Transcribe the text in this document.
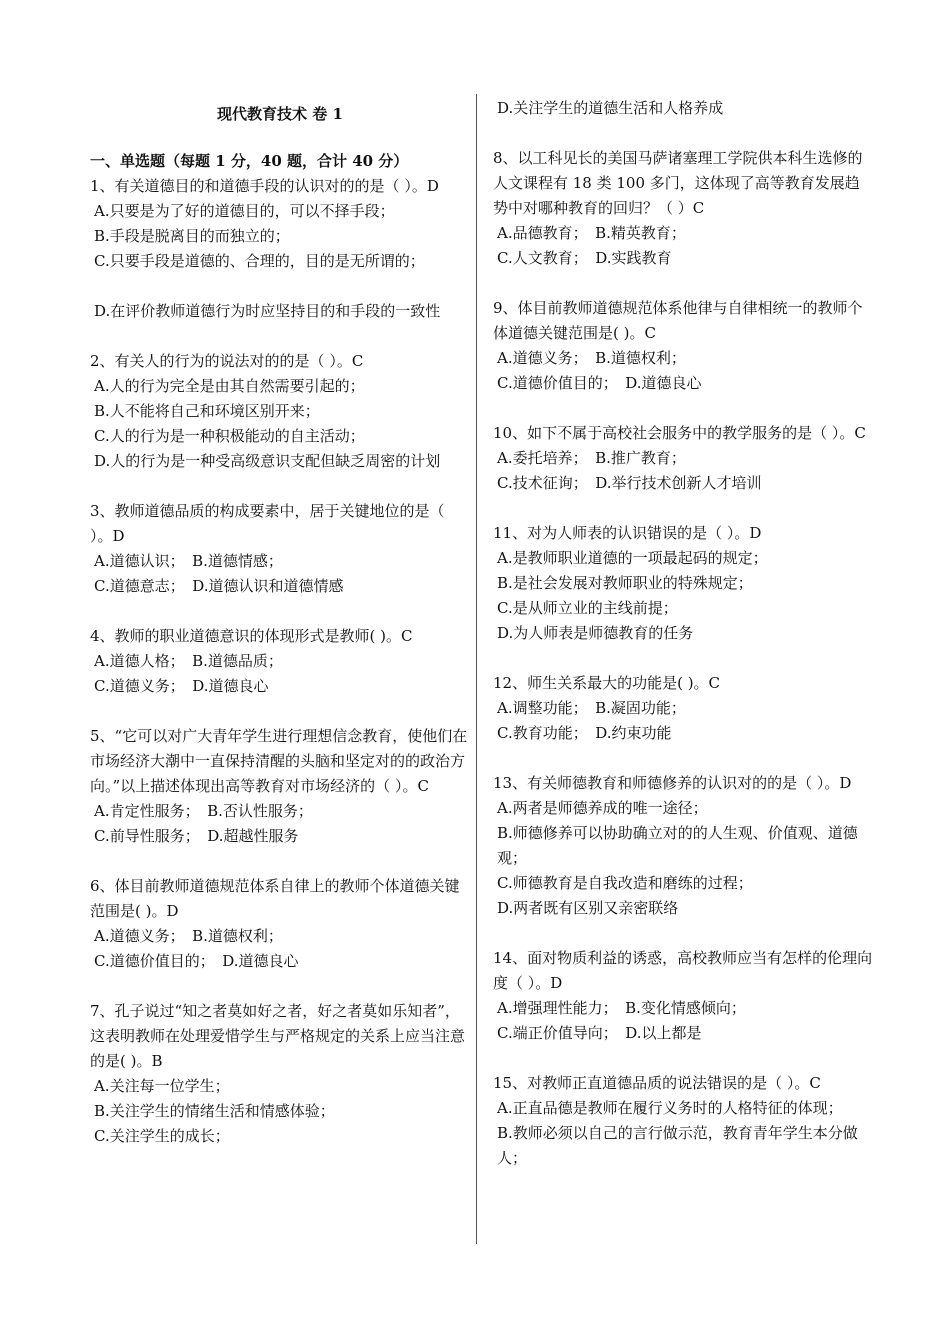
现代教育技术 卷 1

一、单选题（每题 1 分，40 题，合计 40 分）

1、有关道德目的和道德手段的认识对的的是（ ）。D

A.只要是为了好的道德目的，可以不择手段；

B.手段是脱离目的而独立的；

C.只要手段是道德的、合理的，目的是无所谓的；

D.在评价教师道德行为时应坚持目的和手段的一致性

2、有关人的行为的说法对的的是（ ）。C

A.人的行为完全是由其自然需要引起的；

B.人不能将自己和环境区别开来；

C.人的行为是一种积极能动的自主活动；

D.人的行为是一种受高级意识支配但缺乏周密的计划

3、教师道德品质的构成要素中，居于关键地位的是（ ）。D

A.道德认识；　B.道德情感；

C.道德意志；　D.道德认识和道德情感

4、教师的职业道德意识的体现形式是教师( )。C

A.道德人格；　B.道德品质；

C.道德义务；　D.道德良心

5、“它可以对广大青年学生进行理想信念教育，使他们在市场经济大潮中一直保持清醒的头脑和坚定对的的政治方向。”以上描述体现出高等教育对市场经济的（ ）。C

A.肯定性服务；　B.否认性服务；

C.前导性服务；　D.超越性服务

6、体目前教师道德规范体系自律上的教师个体道德关键范围是( )。D

A.道德义务；　B.道德权利；

C.道德价值目的；　D.道德良心

7、孔子说过“知之者莫如好之者，好之者莫如乐知者”，这表明教师在处理爱惜学生与严格规定的关系上应当注意的是( )。B

A.关注每一位学生；

B.关注学生的情绪生活和情感体验；

C.关注学生的成长；

D.关注学生的道德生活和人格养成

8、以工科见长的美国马萨诸塞理工学院供本科生选修的人文课程有 18 类 100 多门，这体现了高等教育发展趋势中对哪种教育的回归？（ ）C

A.品德教育；　B.精英教育；

C.人文教育；　D.实践教育

9、体目前教师道德规范体系他律与自律相统一的教师个体道德关键范围是( )。C

A.道德义务；　B.道德权利；

C.道德价值目的；　D.道德良心

10、如下不属于高校社会服务中的教学服务的是（ ）。C

A.委托培养；　B.推广教育；

C.技术征询；　D.举行技术创新人才培训

11、对为人师表的认识错误的是（ ）。D

A.是教师职业道德的一项最起码的规定；

B.是社会发展对教师职业的特殊规定；

C.是从师立业的主线前提；

D.为人师表是师德教育的任务

12、师生关系最大的功能是( )。C

A.调整功能；　B.凝固功能；

C.教育功能；　D.约束功能

13、有关师德教育和师德修养的认识对的的是（ ）。D

A.两者是师德养成的唯一途径；

B.师德修养可以协助确立对的的人生观、价值观、道德观；

C.师德教育是自我改造和磨练的过程；

D.两者既有区别又亲密联络

14、面对物质利益的诱惑，高校教师应当有怎样的伦理向度（ ）。D

A.增强理性能力；　B.变化情感倾向；

C.端正价值导向；　D.以上都是

15、对教师正直道德品质的说法错误的是（ ）。C

A.正直品德是教师在履行义务时的人格特征的体现；

B.教师必须以自己的言行做示范，教育青年学生本分做人；
